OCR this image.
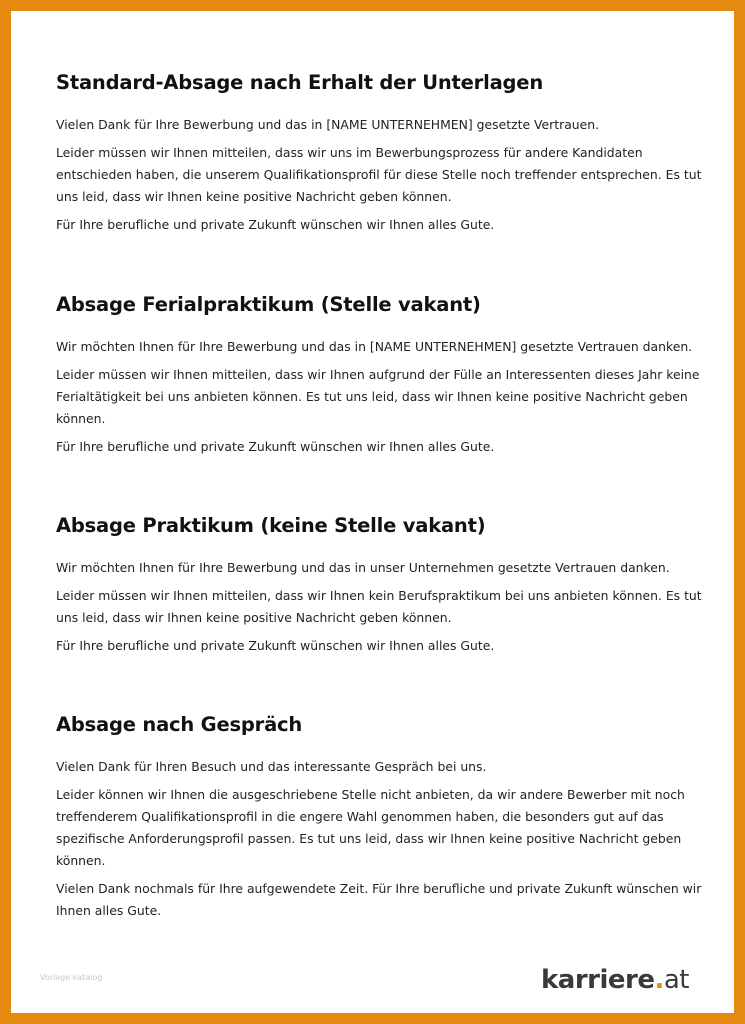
Standard-Absage nach Erhalt der Unterlagen

Vielen Dank für Ihre Bewerbung und das in [NAME UNTERNEHMEN] gesetzte Vertrauen.

Leider müssen wir Ihnen mitteilen, dass wir uns im Bewerbungsprozess für andere Kandidaten entschieden haben, die unserem Qualifikationsprofil für diese Stelle noch treffender entsprechen. Es tut uns leid, dass wir Ihnen keine positive Nachricht geben können.

Für Ihre berufliche und private Zukunft wünschen wir Ihnen alles Gute.

Absage Ferialpraktikum (Stelle vakant)

Wir möchten Ihnen für Ihre Bewerbung und das in [NAME UNTERNEHMEN] gesetzte Vertrauen danken.

Leider müssen wir Ihnen mitteilen, dass wir Ihnen aufgrund der Fülle an Interessenten dieses Jahr keine Ferialtätigkeit bei uns anbieten können. Es tut uns leid, dass wir Ihnen keine positive Nachricht geben können.

Für Ihre berufliche und private Zukunft wünschen wir Ihnen alles Gute.

Absage Praktikum (keine Stelle vakant)

Wir möchten Ihnen für Ihre Bewerbung und das in unser Unternehmen gesetzte Vertrauen danken.

Leider müssen wir Ihnen mitteilen, dass wir Ihnen kein Berufspraktikum bei uns anbieten können. Es tut uns leid, dass wir Ihnen keine positive Nachricht geben können.

Für Ihre berufliche und private Zukunft wünschen wir Ihnen alles Gute.

Absage nach Gespräch

Vielen Dank für Ihren Besuch und das interessante Gespräch bei uns.

Leider können wir Ihnen die ausgeschriebene Stelle nicht anbieten, da wir andere Bewerber mit noch treffenderem Qualifikationsprofil in die engere Wahl genommen haben, die besonders gut auf das spezifische Anforderungsprofil passen. Es tut uns leid, dass wir Ihnen keine positive Nachricht geben können.

Vielen Dank nochmals für Ihre aufgewendete Zeit. Für Ihre berufliche und private Zukunft wünschen wir Ihnen alles Gute.

Vorlage katalog	karriere.at
